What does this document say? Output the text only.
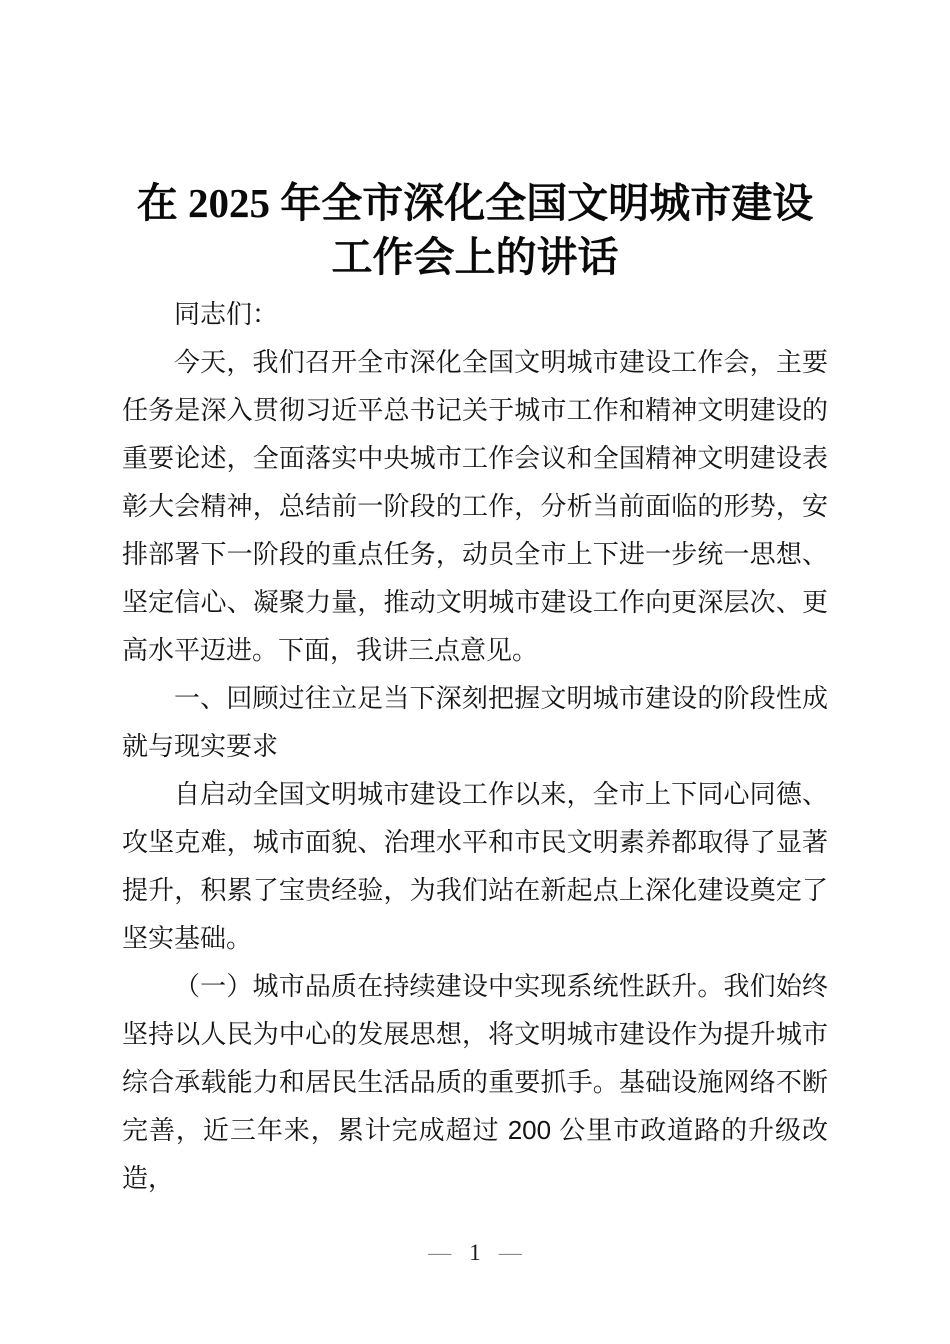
在 2025 年全市深化全国文明城市建设
工作会上的讲话

同志们：

今天，我们召开全市深化全国文明城市建设工作会，主要任务是深入贯彻习近平总书记关于城市工作和精神文明建设的重要论述，全面落实中央城市工作会议和全国精神文明建设表彰大会精神，总结前一阶段的工作，分析当前面临的形势，安排部署下一阶段的重点任务，动员全市上下进一步统一思想、坚定信心、凝聚力量，推动文明城市建设工作向更深层次、更高水平迈进。下面，我讲三点意见。

一、回顾过往立足当下深刻把握文明城市建设的阶段性成就与现实要求

自启动全国文明城市建设工作以来，全市上下同心同德、攻坚克难，城市面貌、治理水平和市民文明素养都取得了显著提升，积累了宝贵经验，为我们站在新起点上深化建设奠定了坚实基础。

（一）城市品质在持续建设中实现系统性跃升。我们始终坚持以人民为中心的发展思想，将文明城市建设作为提升城市综合承载能力和居民生活品质的重要抓手。基础设施网络不断完善，近三年来，累计完成超过 200 公里市政道路的升级改造，

— 1 —
